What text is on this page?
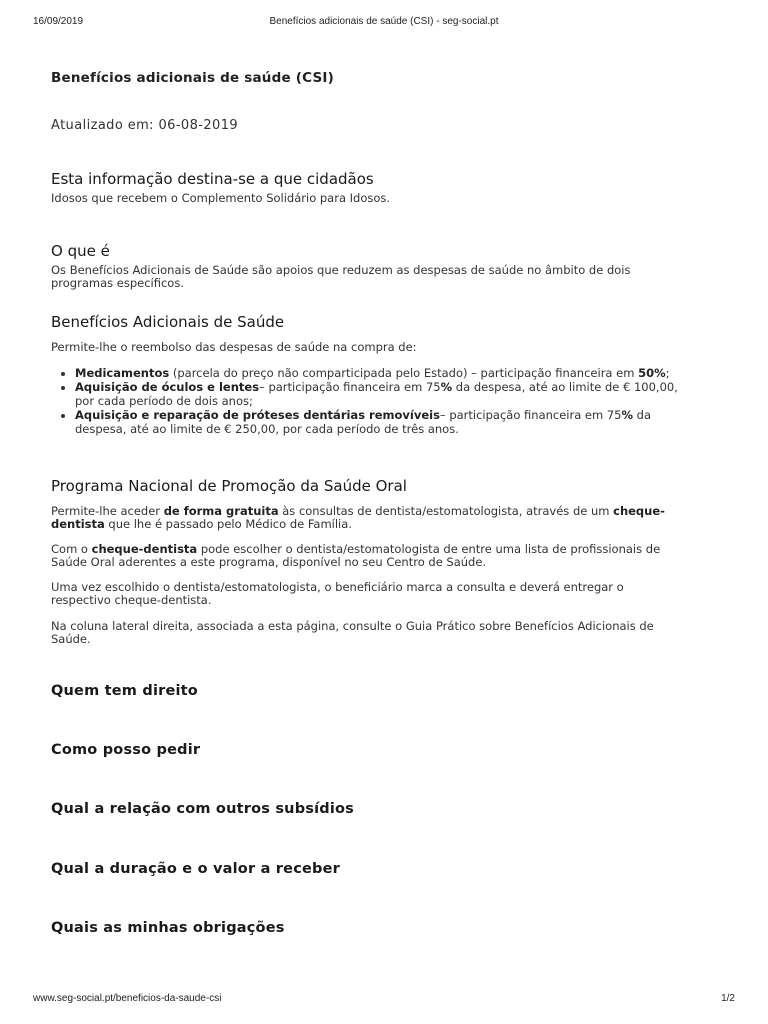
Benefícios adicionais de saúde (CSI) - seg-social.pt
16/09/2019
Benefícios adicionais de saúde (CSI)
Atualizado em: 06-08-2019
Esta informação destina-se a que cidadãos
Idosos que recebem o Complemento Solidário para Idosos.
O que é
Os Benefícios Adicionais de Saúde são apoios que reduzem as despesas de saúde no âmbito de dois
programas específicos.
Benefícios Adicionais de Saúde
Permite-lhe o reembolso das despesas de saúde na compra de:
• Medicamentos (parcela do preço não comparticipada pelo Estado) – participação financeira em 50%;
• Aquisição de óculos e lentes– participação financeira em 75% da despesa, até ao limite de € 100,00, por cada período de dois anos;
• Aquisição e reparação de próteses dentárias removíveis– participação financeira em 75% da despesa, até ao limite de € 250,00, por cada período de três anos.
Programa Nacional de Promoção da Saúde Oral
Permite-lhe aceder de forma gratuita às consultas de dentista/estomatologista, através de um cheque-dentista que lhe é passado pelo Médico de Família.
Com o cheque-dentista pode escolher o dentista/estomatologista de entre uma lista de profissionais de Saúde Oral aderentes a este programa, disponível no seu Centro de Saúde.
Uma vez escolhido o dentista/estomatologista, o beneficiário marca a consulta e deverá entregar o respectivo cheque-dentista.
Na coluna lateral direita, associada a esta página, consulte o Guia Prático sobre Benefícios Adicionais de Saúde.
Quem tem direito
Como posso pedir
Qual a relação com outros subsídios
Qual a duração e o valor a receber
Quais as minhas obrigações
www.seg-social.pt/beneficios-da-saude-csi	1/2
